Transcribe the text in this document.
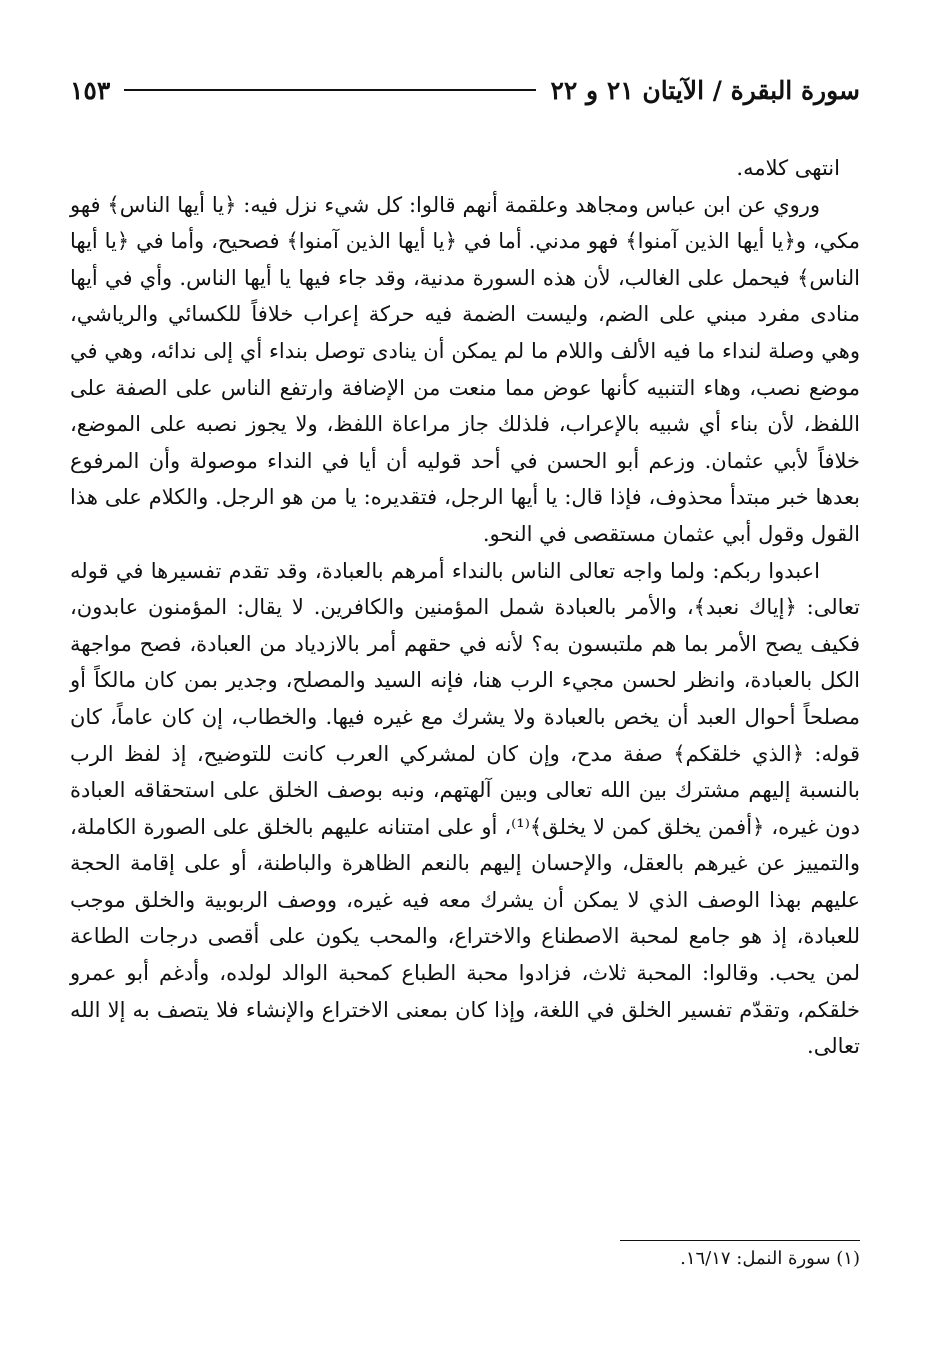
سورة البقرة / الآيتان ٢١ و ٢٢
١٥٣

انتهى كلامه.

وروي عن ابن عباس ومجاهد وعلقمة أنهم قالوا: كل شيء نزل فيه: ﴿يا أيها الناس﴾ فهو مكي، و﴿يا أيها الذين آمنوا﴾ فهو مدني. أما في ﴿يا أيها الذين آمنوا﴾ فصحيح، وأما في ﴿يا أيها الناس﴾ فيحمل على الغالب، لأن هذه السورة مدنية، وقد جاء فيها يا أيها الناس. وأي في أيها منادى مفرد مبني على الضم، وليست الضمة فيه حركة إعراب خلافاً للكسائي والرياشي، وهي وصلة لنداء ما فيه الألف واللام ما لم يمكن أن ينادى توصل بنداء أي إلى ندائه، وهي في موضع نصب، وهاء التنبيه كأنها عوض مما منعت من الإضافة وارتفع الناس على الصفة على اللفظ، لأن بناء أي شبيه بالإعراب، فلذلك جاز مراعاة اللفظ، ولا يجوز نصبه على الموضع، خلافاً لأبي عثمان. وزعم أبو الحسن في أحد قوليه أن أيا في النداء موصولة وأن المرفوع بعدها خبر مبتدأ محذوف، فإذا قال: يا أيها الرجل، فتقديره: يا من هو الرجل. والكلام على هذا القول وقول أبي عثمان مستقصى في النحو.

اعبدوا ربكم: ولما واجه تعالى الناس بالنداء أمرهم بالعبادة، وقد تقدم تفسيرها في قوله تعالى: ﴿إياك نعبد﴾، والأمر بالعبادة شمل المؤمنين والكافرين. لا يقال: المؤمنون عابدون، فكيف يصح الأمر بما هم ملتبسون به؟ لأنه في حقهم أمر بالازدياد من العبادة، فصح مواجهة الكل بالعبادة، وانظر لحسن مجيء الرب هنا، فإنه السيد والمصلح، وجدير بمن كان مالكاً أو مصلحاً أحوال العبد أن يخص بالعبادة ولا يشرك مع غيره فيها. والخطاب، إن كان عاماً، كان قوله: ﴿الذي خلقكم﴾ صفة مدح، وإن كان لمشركي العرب كانت للتوضيح، إذ لفظ الرب بالنسبة إليهم مشترك بين الله تعالى وبين آلهتهم، ونبه بوصف الخلق على استحقاقه العبادة دون غيره، ﴿أفمن يخلق كمن لا يخلق﴾⁽¹⁾، أو على امتنانه عليهم بالخلق على الصورة الكاملة، والتمييز عن غيرهم بالعقل، والإحسان إليهم بالنعم الظاهرة والباطنة، أو على إقامة الحجة عليهم بهذا الوصف الذي لا يمكن أن يشرك معه فيه غيره، ووصف الربوبية والخلق موجب للعبادة، إذ هو جامع لمحبة الاصطناع والاختراع، والمحب يكون على أقصى درجات الطاعة لمن يحب. وقالوا: المحبة ثلاث، فزادوا محبة الطباع كمحبة الوالد لولده، وأدغم أبو عمرو خلقكم، وتقدّم تفسير الخلق في اللغة، وإذا كان بمعنى الاختراع والإنشاء فلا يتصف به إلا الله تعالى.

(١) سورة النمل: ١٦/١٧.
